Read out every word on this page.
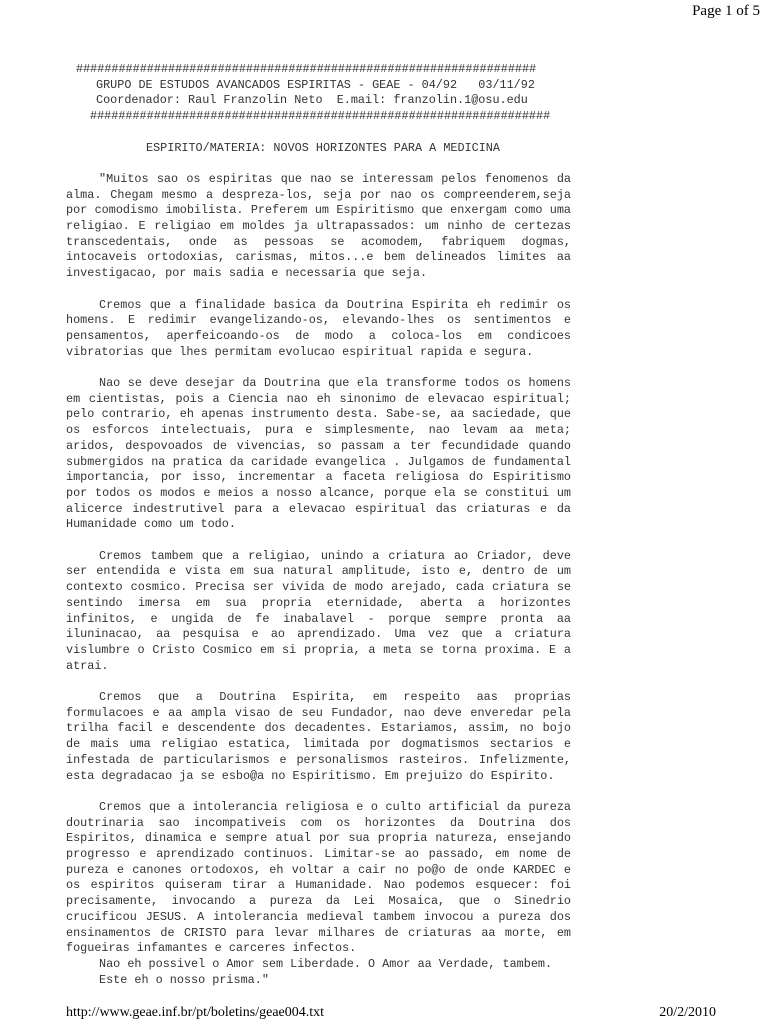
Page 1 of 5

#################################################################
GRUPO DE ESTUDOS AVANCADOS ESPIRITAS - GEAE - 04/92   03/11/92
Coordenador: Raul Franzolin Neto  E.mail: franzolin.1@osu.edu
#################################################################

ESPIRITO/MATERIA: NOVOS HORIZONTES PARA A MEDICINA

"Muitos sao os espiritas que nao se interessam pelos fenomenos da alma. Chegam mesmo a despreza-los, seja por nao os compreenderem,seja por comodismo imobilista. Preferem um Espiritismo que enxergam como uma religiao. E religiao em moldes ja ultrapassados: um ninho de certezas transcedentais, onde as pessoas se acomodem, fabriquem dogmas, intocaveis ortodoxias, carismas, mitos...e bem delineados limites aa investigacao, por mais sadia e necessaria que seja.

Cremos que a finalidade basica da Doutrina Espirita eh redimir os homens. E redimir evangelizando-os, elevando-lhes os sentimentos e pensamentos, aperfeicoando-os de modo a coloca-los em condicoes vibratorias que lhes permitam evolucao espiritual rapida e segura.

Nao se deve desejar da Doutrina que ela transforme todos os homens em cientistas, pois a Ciencia nao eh sinonimo de elevacao espiritual; pelo contrario, eh apenas instrumento desta. Sabe-se, aa saciedade, que os esforcos intelectuais, pura e simplesmente, nao levam aa meta; aridos, despovoados de vivencias, so passam a ter fecundidade quando submergidos na pratica da caridade evangelica . Julgamos de fundamental importancia, por isso, incrementar a faceta religiosa do Espiritismo por todos os modos e meios a nosso alcance, porque ela se constitui um alicerce indestrutivel para a elevacao espiritual das criaturas e da Humanidade como um todo.

Cremos tambem que a religiao, unindo a criatura ao Criador, deve ser entendida e vista em sua natural amplitude, isto e, dentro de um contexto cosmico. Precisa ser vivida de modo arejado, cada criatura se sentindo imersa em sua propria eternidade, aberta a horizontes infinitos, e ungida de fe inabalavel - porque sempre pronta aa iluninacao, aa pesquisa e ao aprendizado. Uma vez que a criatura vislumbre o Cristo Cosmico em si propria, a meta se torna proxima. E a atrai.

Cremos que a Doutrina Espirita, em respeito aas proprias formulacoes e aa ampla visao de seu Fundador, nao deve enveredar pela trilha facil e descendente dos decadentes. Estariamos, assim, no bojo de mais uma religiao estatica, limitada por dogmatismos sectarios e infestada de particularismos e personalismos rasteiros. Infelizmente, esta degradacao ja se esbo@a no Espiritismo. Em prejuizo do Espirito.

Cremos que a intolerancia religiosa e o culto artificial da pureza doutrinaria sao incompativeis com os horizontes da Doutrina dos Espiritos, dinamica e sempre atual por sua propria natureza, ensejando progresso e aprendizado continuos. Limitar-se ao passado, em nome de pureza e canones ortodoxos, eh voltar a cair no po@o de onde KARDEC e os espiritos quiseram tirar a Humanidade. Nao podemos esquecer: foi precisamente, invocando a pureza da Lei Mosaica, que o Sinedrio crucificou JESUS. A intolerancia medieval tambem invocou a pureza dos ensinamentos de CRISTO para levar milhares de criaturas aa morte, em fogueiras infamantes e carceres infectos.

Nao eh possivel o Amor sem Liberdade. O Amor aa Verdade, tambem.

Este eh o nosso prisma."

http://www.geae.inf.br/pt/boletins/geae004.txt	20/2/2010
